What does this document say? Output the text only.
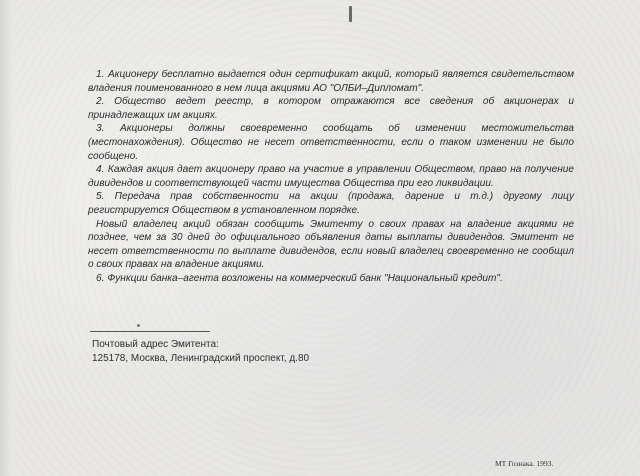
1. Акционеру бесплатно выдается один сертификат акций, который является свидетельством владения поименованного в нем лица акциями АО "ОЛБИ–Дипломат".

2. Общество ведет реестр, в котором отражаются все сведения об акционерах и принадлежащих им акциях.

3. Акционеры должны своевременно сообщать об изменении местожительства (местонахождения). Общество не несет ответственности, если о таком изменении не было сообщено.

4. Каждая акция дает акционеру право на участие в управлении Обществом, право на получение дивидендов и соответствующей части имущества Общества при его ликвидации.

5. Передача прав собственности на акции (продажа, дарение и т.д.) другому лицу регистрируется Обществом в установленном порядке.

Новый владелец акций обязан сообщить Эмитенту о своих правах на владение акциями не позднее, чем за 30 дней до официального объявления даты выплаты дивидендов. Эмитент не несет ответственности по выплате дивидендов, если новый владелец своевременно не сообщил о своих правах на владение акциями.

6. Функции банка–агента возложены на коммерческий банк "Национальный кредит".

Почтовый адрес Эмитента:
125178, Москва, Ленинградский проспект, д.80
МТ Гознака. 1993.
